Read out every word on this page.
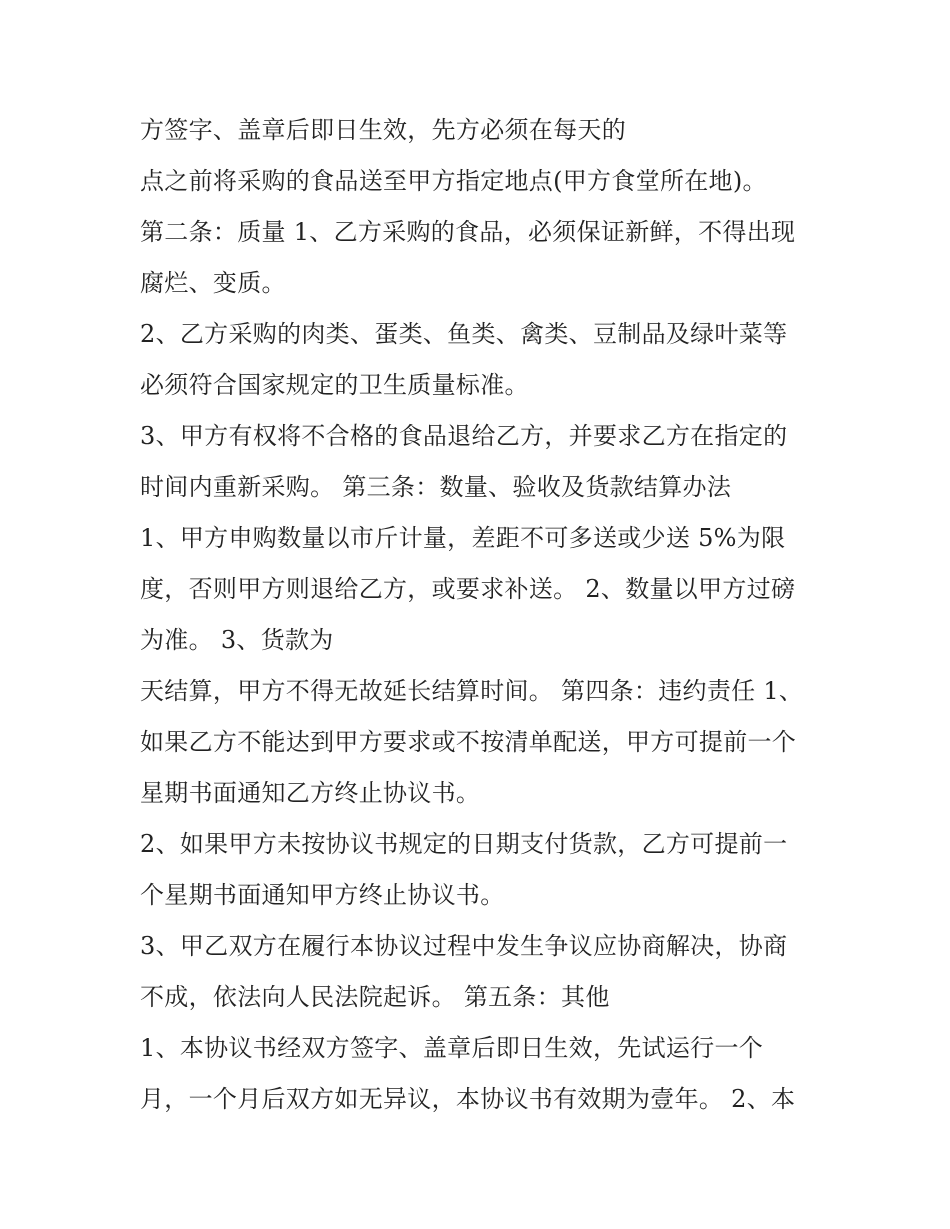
方签字、盖章后即日生效，先方必须在每天的
点之前将采购的食品送至甲方指定地点(甲方食堂所在地)。
第二条：质量 1、乙方采购的食品，必须保证新鲜，不得出现
腐烂、变质。
2、乙方采购的肉类、蛋类、鱼类、禽类、豆制品及绿叶菜等
必须符合国家规定的卫生质量标准。
3、甲方有权将不合格的食品退给乙方，并要求乙方在指定的
时间内重新采购。 第三条：数量、验收及货款结算办法
1、甲方申购数量以市斤计量，差距不可多送或少送 5%为限
度，否则甲方则退给乙方，或要求补送。 2、数量以甲方过磅
为准。 3、货款为
天结算，甲方不得无故延长结算时间。 第四条：违约责任 1、
如果乙方不能达到甲方要求或不按清单配送，甲方可提前一个
星期书面通知乙方终止协议书。
2、如果甲方未按协议书规定的日期支付货款，乙方可提前一
个星期书面通知甲方终止协议书。
3、甲乙双方在履行本协议过程中发生争议应协商解决，协商
不成，依法向人民法院起诉。 第五条：其他
1、本协议书经双方签字、盖章后即日生效，先试运行一个
月，一个月后双方如无异议，本协议书有效期为壹年。 2、本
